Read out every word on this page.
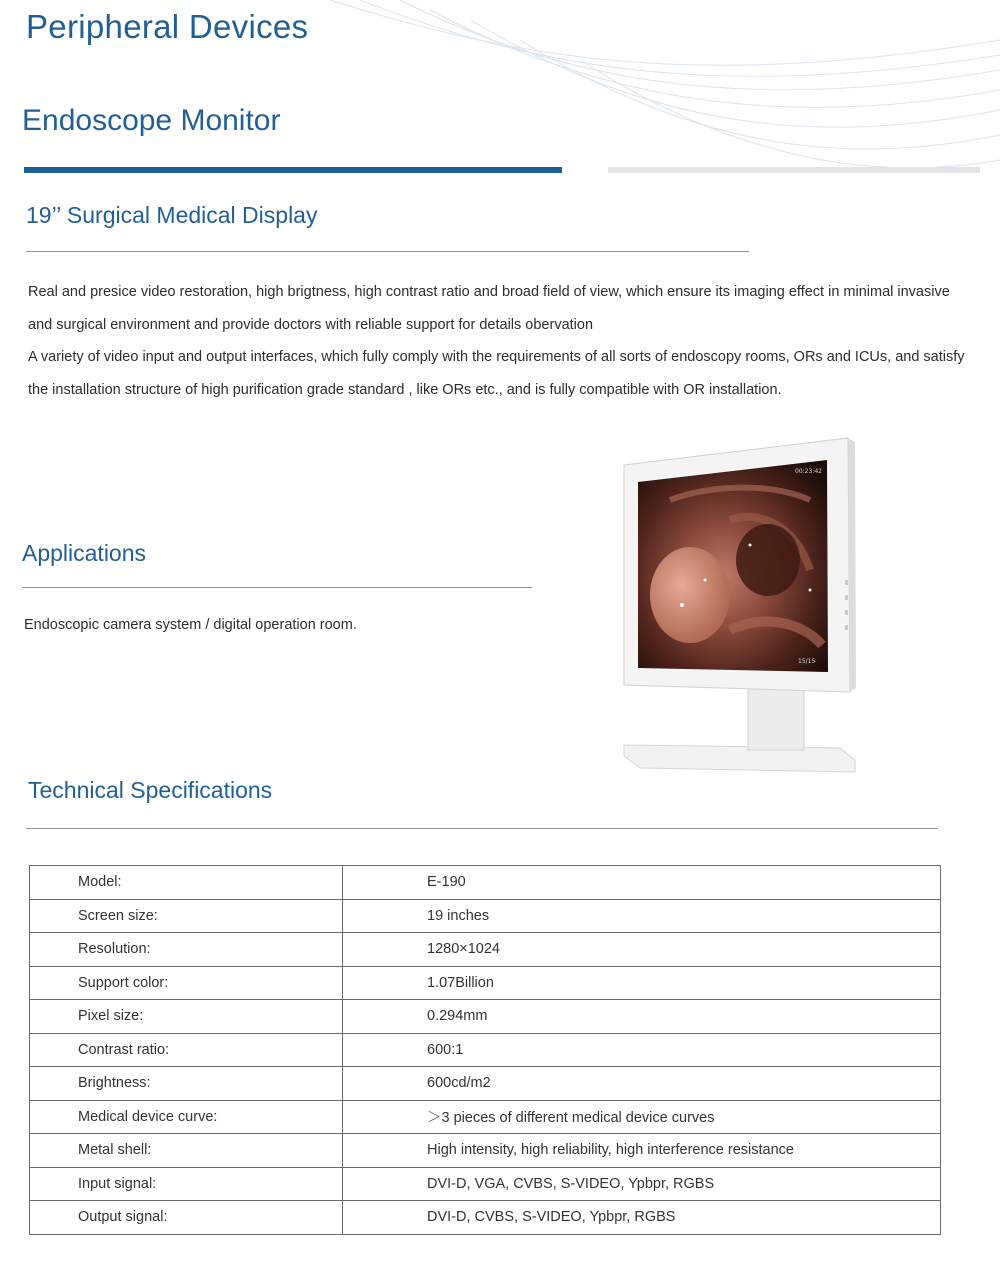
Peripheral Devices
Endoscope Monitor
19’’ Surgical Medical Display

Real and presice video restoration, high brigtness, high contrast ratio and broad field of view, which ensure its imaging effect in minimal invasive and surgical environment and provide doctors with reliable support for details obervation

A variety of video input and output interfaces, which fully comply with the requirements of all sorts of endoscopy rooms, ORs and ICUs, and satisfy the installation structure of high purification grade standard , like ORs etc., and is fully compatible with OR installation.

00:23:42
15/15
Applications
Endoscopic camera system / digital operation room.
Technical Specifications
Model:	E-190
Screen size:	19 inches
Resolution:	1280×1024
Support color:	1.07Billion
Pixel size:	0.294mm
Contrast ratio:	600:1
Brightness:	600cd/m2
Medical device curve:	＞3 pieces of different medical device curves
Metal shell:	High intensity, high reliability, high interference resistance
Input signal:	DVI-D, VGA, CVBS, S-VIDEO, Ypbpr, RGBS
Output signal:	DVI-D, CVBS, S-VIDEO, Ypbpr, RGBS
